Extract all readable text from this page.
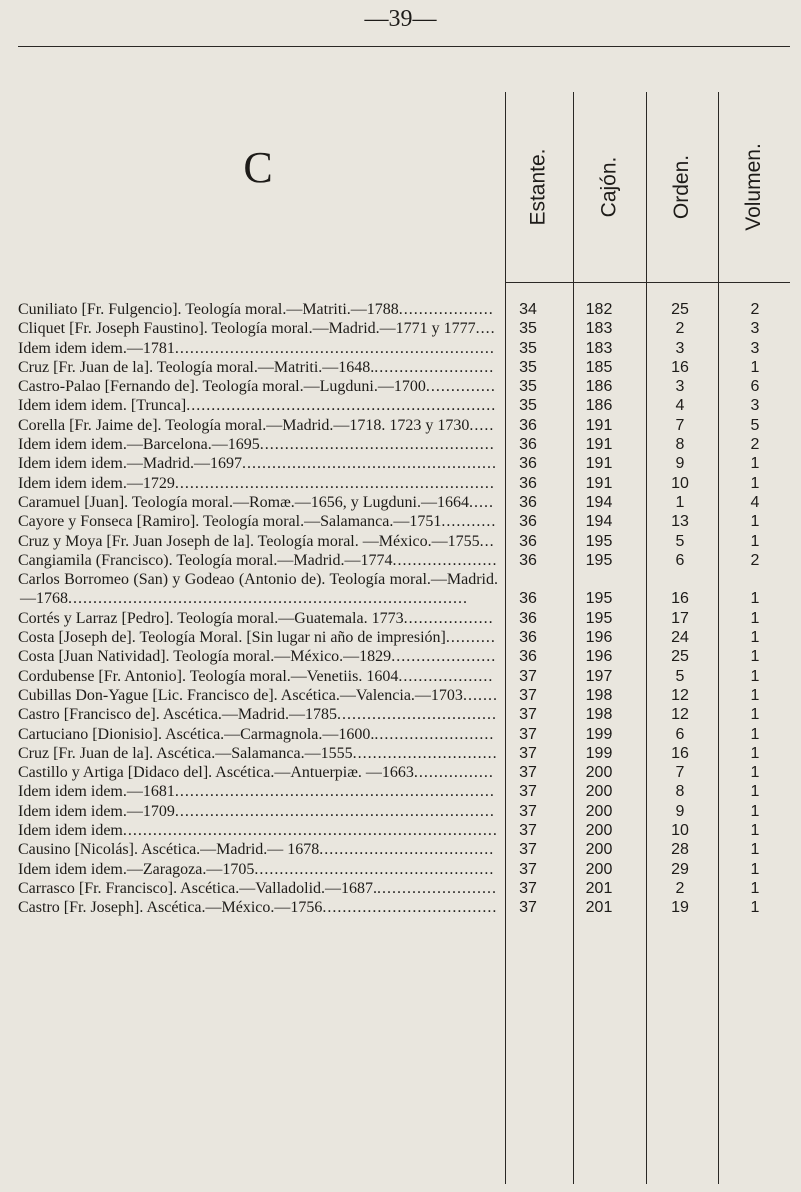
—39—
C	Estante. Cajón. Orden. Volumen.
Cuniliato [Fr. Fulgencio]. Teología moral.—Matriti.—1788...................	34	182	25	2
Cliquet [Fr. Joseph Faustino]. Teología moral.—Madrid.—1771 y 1777....	35	183	2	3
Idem idem idem.—1781................................................................	35	183	3	3
Cruz [Fr. Juan de la]. Teología moral.—Matriti.—1648.........................	35	185	16	1
Castro-Palao [Fernando de]. Teología moral.—Lugduni.—1700..............	35	186	3	6
Idem idem idem. [Trunca]..............................................................	35	186	4	3
Corella [Fr. Jaime de]. Teología moral.—Madrid.—1718. 1723 y 1730.....	36	191	7	5
Idem idem idem.—Barcelona.—1695...............................................	36	191	8	2
Idem idem idem.—Madrid.—1697...................................................	36	191	9	1
Idem idem idem.—1729................................................................	36	191	10	1
Caramuel [Juan]. Teología moral.—Romæ.—1656, y Lugduni.—1664.....	36	194	1	4
Cayore y Fonseca [Ramiro]. Teología moral.—Salamanca.—1751...........	36	194	13	1
Cruz y Moya [Fr. Juan Joseph de la]. Teología moral. —México.—1755...	36	195	5	1
Cangiamila (Francisco). Teología moral.—Madrid.—1774.....................	36	195	6	2
Carlos Borromeo (San) y Godeao (Antonio de). Teología moral.—Madrid.—1768................................................................................	36	195	16	1
Cortés y Larraz [Pedro]. Teología moral.—Guatemala. 1773..................	36	195	17	1
Costa [Joseph de]. Teología Moral. [Sin lugar ni año de impresión]..........	36	196	24	1
Costa [Juan Natividad]. Teología moral.—México.—1829.....................	36	196	25	1
Cordubense [Fr. Antonio]. Teología moral.—Venetiis. 1604...................	37	197	5	1
Cubillas Don-Yague [Lic. Francisco de]. Ascética.—Valencia.—1703.......	37	198	12	1
Castro [Francisco de]. Ascética.—Madrid.—1785................................	37	198	12	1
Cartuciano [Dionisio]. Ascética.—Carmagnola.—1600.........................	37	199	6	1
Cruz [Fr. Juan de la]. Ascética.—Salamanca.—1555.............................	37	199	16	1
Castillo y Artiga [Didaco del]. Ascética.—Antuerpiæ. —1663................	37	200	7	1
Idem idem idem.—1681................................................................	37	200	8	1
Idem idem idem.—1709................................................................	37	200	9	1
Idem idem idem...........................................................................	37	200	10	1
Causino [Nicolás]. Ascética.—Madrid.— 1678...................................	37	200	28	1
Idem idem idem.—Zaragoza.—1705................................................	37	200	29	1
Carrasco [Fr. Francisco]. Ascética.—Valladolid.—1687.........................	37	201	2	1
Castro [Fr. Joseph]. Ascética.—México.—1756...................................	37	201	19	1
